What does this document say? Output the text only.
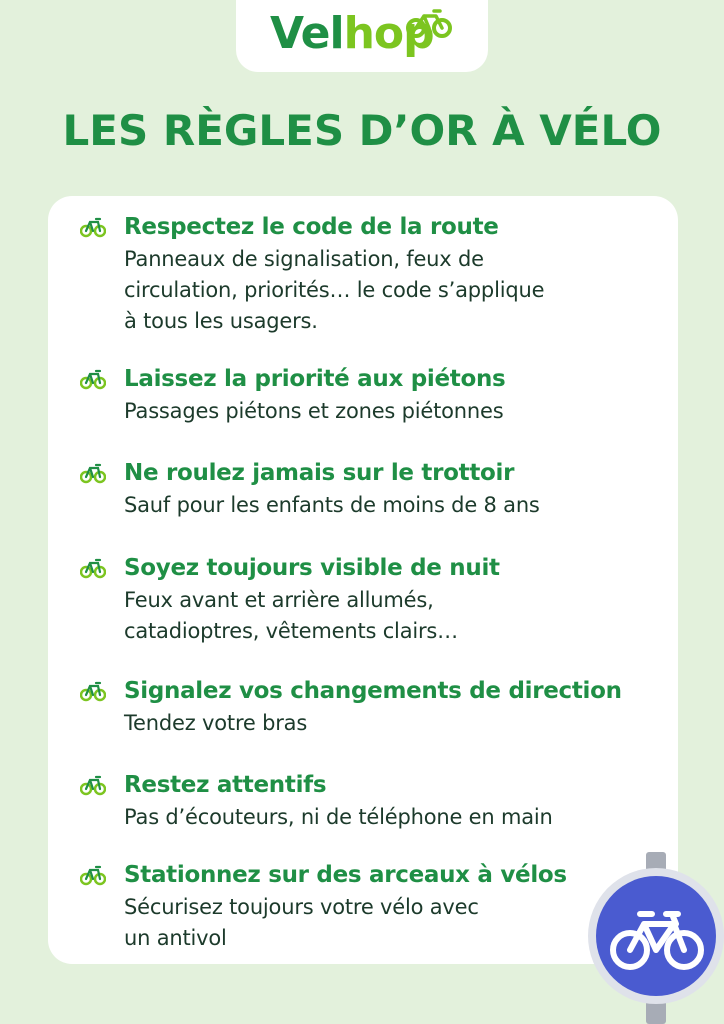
Velhop
LES RÈGLES D’OR À VÉLO
Respectez le code de la route
Panneaux de signalisation, feux de
circulation, priorités… le code s’applique
à tous les usagers.
Laissez la priorité aux piétons
Passages piétons et zones piétonnes
Ne roulez jamais sur le trottoir
Sauf pour les enfants de moins de 8 ans
Soyez toujours visible de nuit
Feux avant et arrière allumés,
catadioptres, vêtements clairs…
Signalez vos changements de direction
Tendez votre bras
Restez attentifs
Pas d’écouteurs, ni de téléphone en main
Stationnez sur des arceaux à vélos
Sécurisez toujours votre vélo avec
un antivol
